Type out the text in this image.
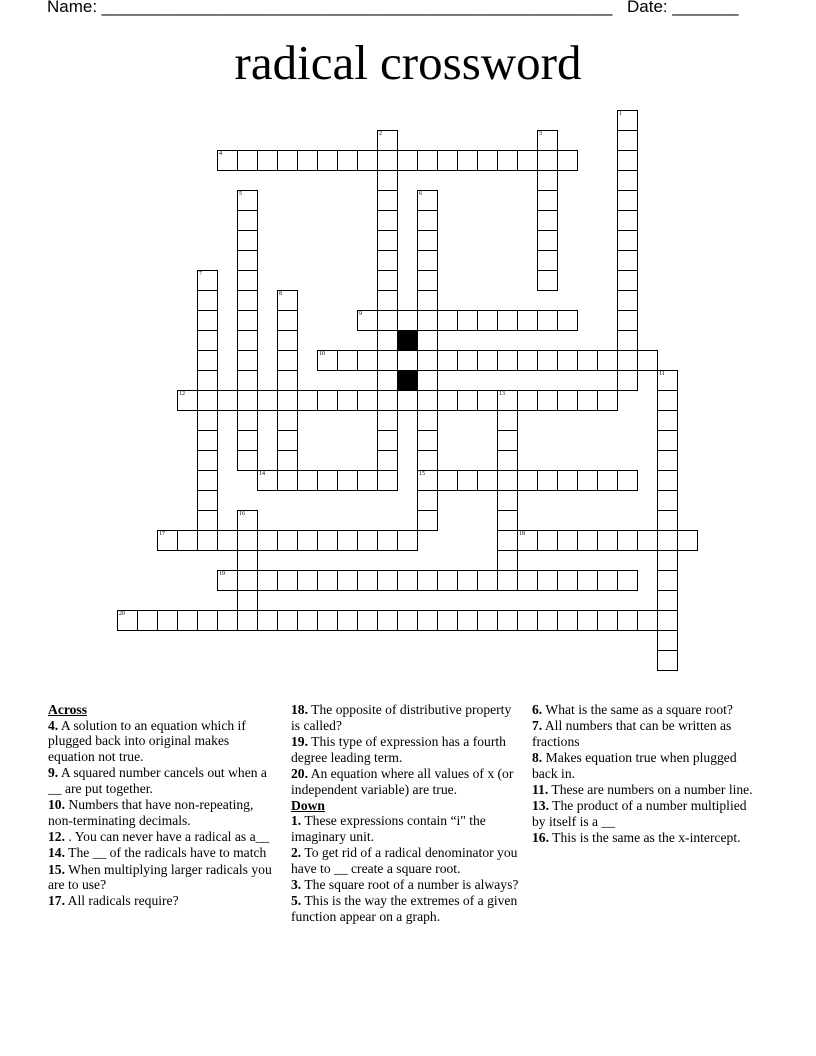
Name: ______________________________________________________ Date: _______
radical crossword
1
2	3
4
5	6
7
8
9
10
11
12	13
14	15
16
17	18
19
20

Across

4. A solution to an equation which if plugged back into original makes equation not true.

9. A squared number cancels out when a __ are put together.

10. Numbers that have non-repeating, non-terminating decimals.

12. . You can never have a radical as a__

14. The __ of the radicals have to match

15. When multiplying larger radicals you are to use?

17. All radicals require?

18. The opposite of distributive property is called?

19. This type of expression has a fourth degree leading term.

20. An equation where all values of x (or independent variable) are true.

Down

1. These expressions contain “i" the imaginary unit.

2. To get rid of a radical denominator you have to __ create a square root.

3. The square root of a number is always?

5. This is the way the extremes of a given function appear on a graph.

6. What is the same as a square root?

7. All numbers that can be written as fractions

8. Makes equation true when plugged back in.

11. These are numbers on a number line.

13. The product of a number multiplied by itself is a __

16. This is the same as the x-intercept.
